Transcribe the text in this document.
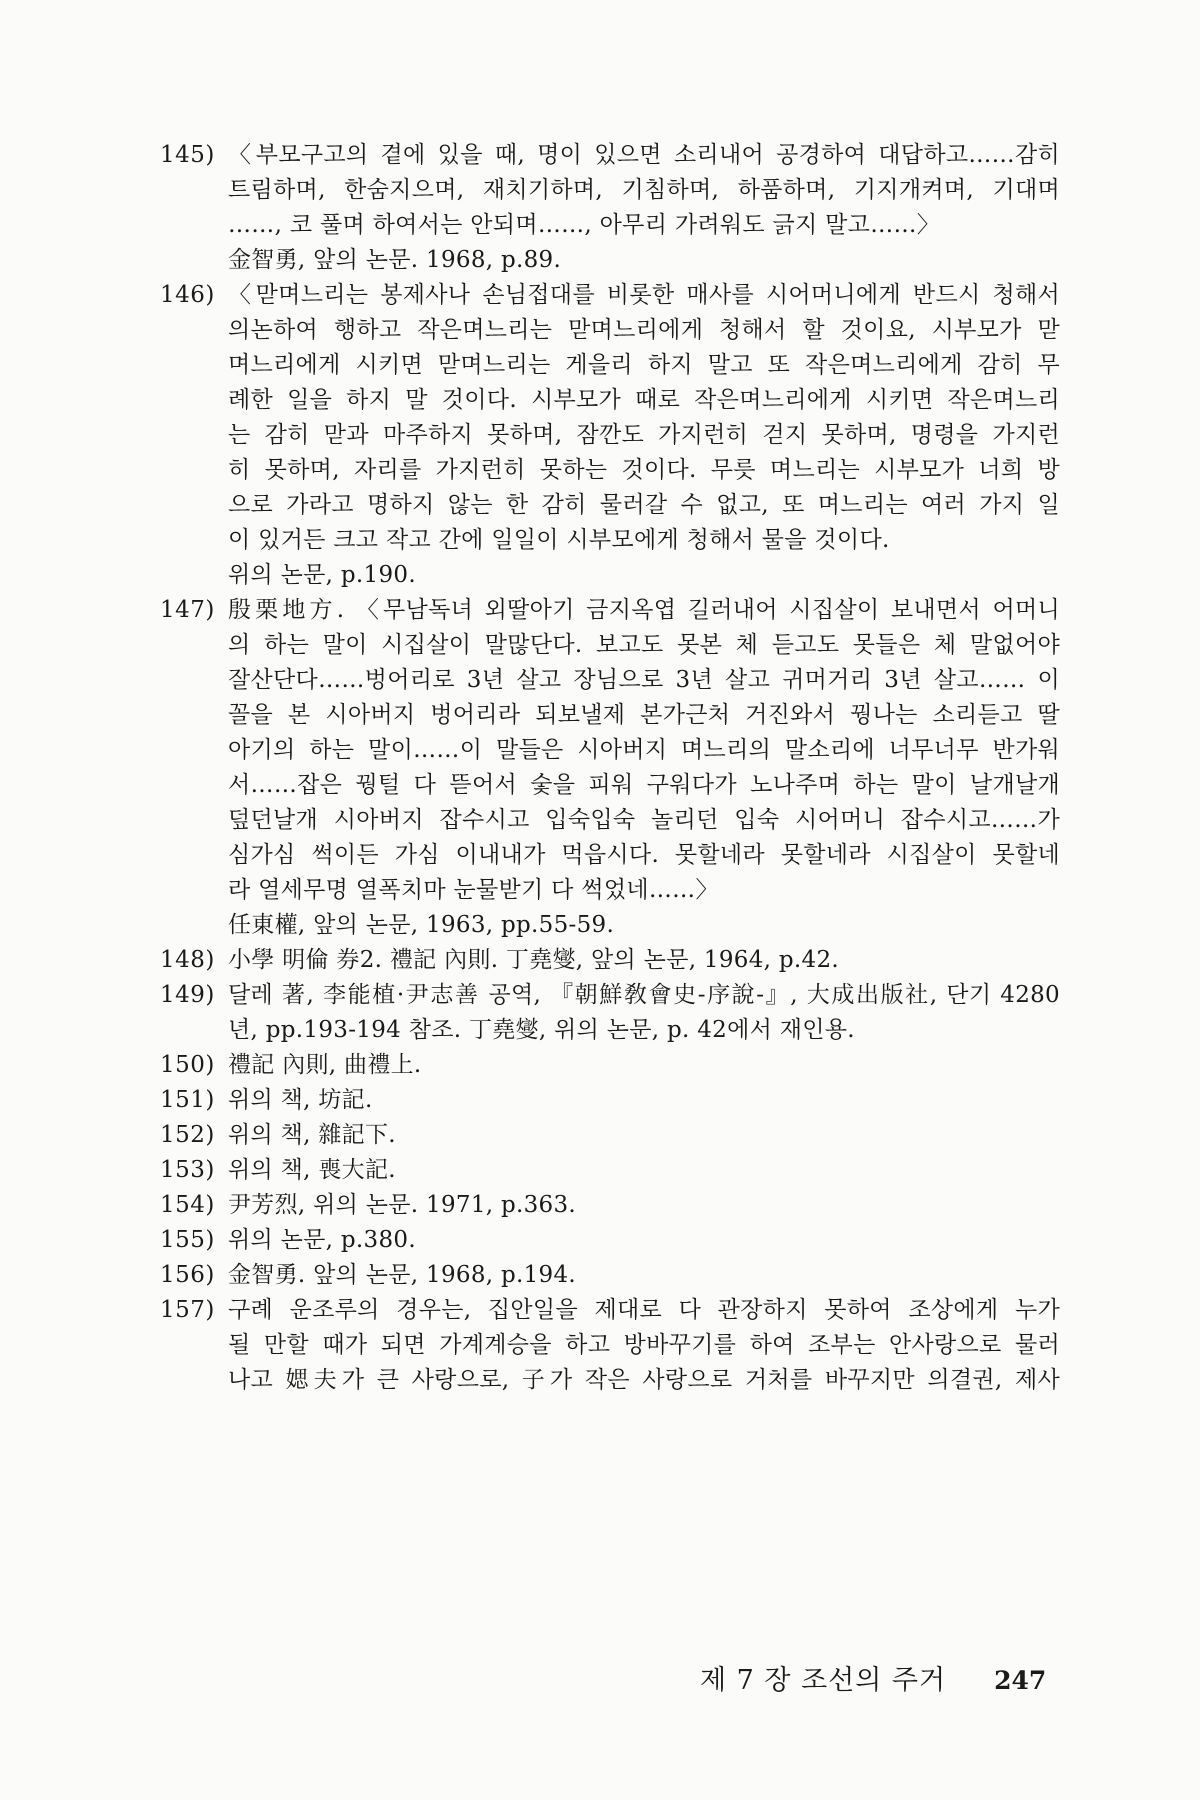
145) 〈부모구고의 곁에 있을 때, 명이 있으면 소리내어 공경하여 대답하고……감히
트림하며, 한숨지으며, 재치기하며, 기침하며, 하품하며, 기지개켜며, 기대며
……, 코 풀며 하여서는 안되며……, 아무리 가려워도 긁지 말고……〉
金智勇, 앞의 논문. 1968, p.89.
146) 〈맏며느리는 봉제사나 손님접대를 비롯한 매사를 시어머니에게 반드시 청해서
의논하여 행하고 작은며느리는 맏며느리에게 청해서 할 것이요, 시부모가 맏
며느리에게 시키면 맏며느리는 게을리 하지 말고 또 작은며느리에게 감히 무
례한 일을 하지 말 것이다. 시부모가 때로 작은며느리에게 시키면 작은며느리
는 감히 맏과 마주하지 못하며, 잠깐도 가지런히 걷지 못하며, 명령을 가지런
히 못하며, 자리를 가지런히 못하는 것이다. 무릇 며느리는 시부모가 너희 방
으로 가라고 명하지 않는 한 감히 물러갈 수 없고, 또 며느리는 여러 가지 일
이 있거든 크고 작고 간에 일일이 시부모에게 청해서 물을 것이다.
위의 논문, p.190.
147) 殷栗地方. 〈무남독녀 외딸아기 금지옥엽 길러내어 시집살이 보내면서 어머니
의 하는 말이 시집살이 말많단다. 보고도 못본 체 듣고도 못들은 체 말없어야
잘산단다……벙어리로 3년 살고 장님으로 3년 살고 귀머거리 3년 살고…… 이
꼴을 본 시아버지 벙어리라 되보낼제 본가근처 거진와서 꿩나는 소리듣고 딸
아기의 하는 말이……이 말들은 시아버지 며느리의 말소리에 너무너무 반가워
서……잡은 꿩털 다 뜯어서 숯을 피워 구워다가 노나주며 하는 말이 날개날개
덮던날개 시아버지 잡수시고 입숙입숙 놀리던 입숙 시어머니 잡수시고……가
심가심 썩이든 가심 이내내가 먹읍시다. 못할네라 못할네라 시집살이 못할네
라 열세무명 열폭치마 눈물받기 다 썩었네……〉
任東權, 앞의 논문, 1963, pp.55-59.
148) 小學 明倫 券2. 禮記 內則. 丁堯燮, 앞의 논문, 1964, p.42.
149) 달레 著, 李能植·尹志善 공역, 『朝鮮敎會史-序說-』, 大成出版社, 단기 4280
년, pp.193-194 참조. 丁堯燮, 위의 논문, p. 42에서 재인용.
150) 禮記 內則, 曲禮上.
151) 위의 책, 坊記.
152) 위의 책, 雜記下.
153) 위의 책, 喪大記.
154) 尹芳烈, 위의 논문. 1971, p.363.
155) 위의 논문, p.380.
156) 金智勇. 앞의 논문, 1968, p.194.
157) 구례 운조루의 경우는, 집안일을 제대로 다 관장하지 못하여 조상에게 누가
될 만할 때가 되면 가계계승을 하고 방바꾸기를 하여 조부는 안사랑으로 물러
나고 媤夫가 큰 사랑으로, 子가 작은 사랑으로 거처를 바꾸지만 의결권, 제사
제 7 장 조선의 주거 247
